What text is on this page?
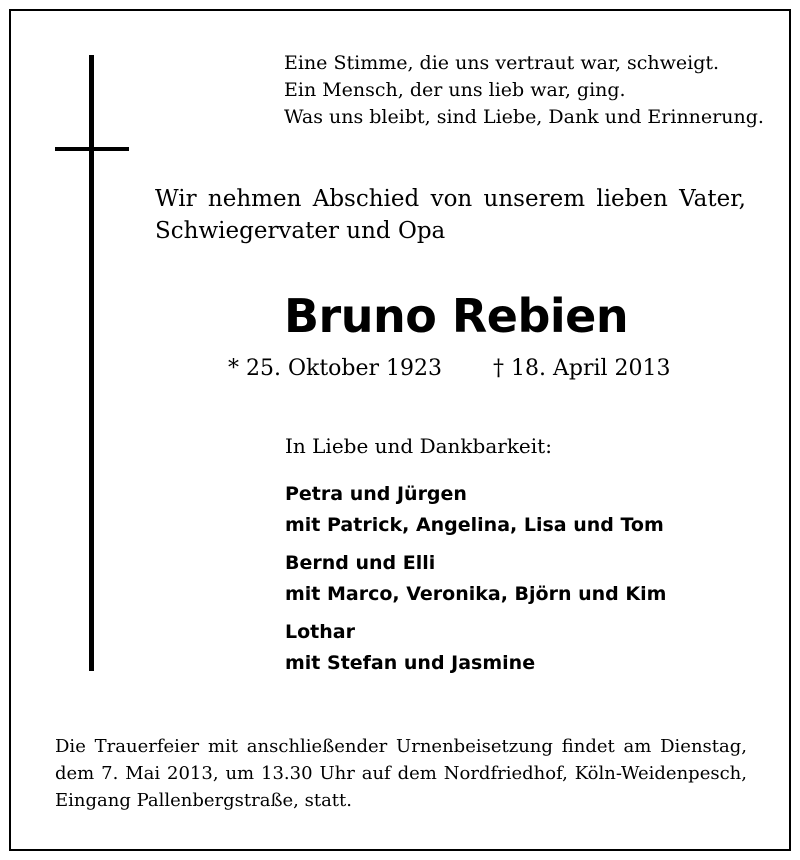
Eine Stimme, die uns vertraut war, schweigt.
Ein Mensch, der uns lieb war, ging.
Was uns bleibt, sind Liebe, Dank und Erinnerung.
Wir nehmen Abschied von unserem lieben Vater,
Schwiegervater und Opa
Bruno Rebien
* 25. Oktober 1923 † 18. April 2013
In Liebe und Dankbarkeit:
Petra und Jürgen
mit Patrick, Angelina, Lisa und Tom
Bernd und Elli
mit Marco, Veronika, Björn und Kim
Lothar
mit Stefan und Jasmine
Die Trauerfeier mit anschließender Urnenbeisetzung findet am Dienstag,
dem 7. Mai 2013, um 13.30 Uhr auf dem Nordfriedhof, Köln-Weidenpesch,
Eingang Pallenbergstraße, statt.
